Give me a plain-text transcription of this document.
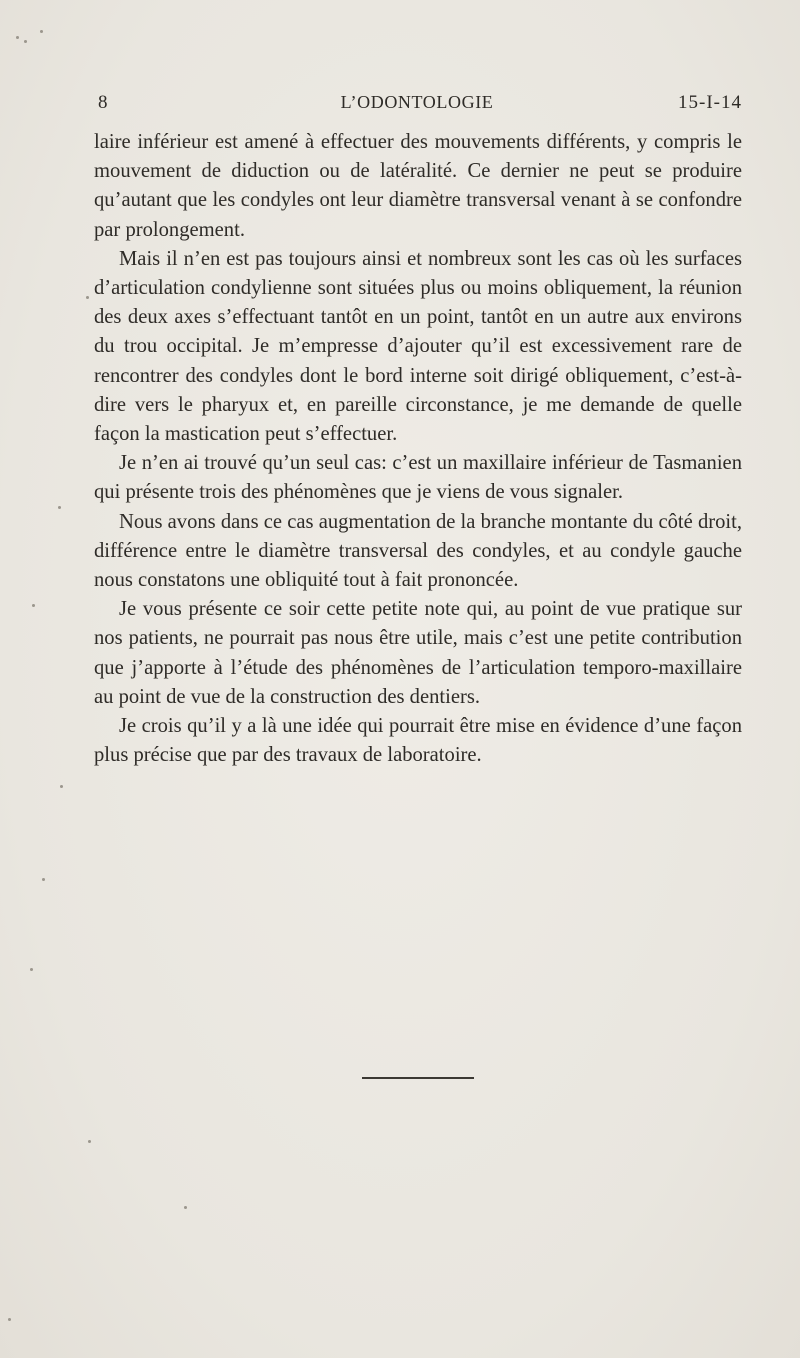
8	L’ODONTOLOGIE	15-I-14

laire inférieur est amené à effectuer des mouvements différents, y compris le mouvement de diduction ou de latéralité. Ce dernier ne peut se produire qu’autant que les condyles ont leur diamètre transversal venant à se confondre par prolongement.

Mais il n’en est pas toujours ainsi et nombreux sont les cas où les surfaces d’articulation condylienne sont situées plus ou moins obliquement, la réunion des deux axes s’effectuant tantôt en un point, tantôt en un autre aux environs du trou occipital. Je m’empresse d’ajouter qu’il est excessivement rare de rencontrer des condyles dont le bord interne soit dirigé obliquement, c’est-à-dire vers le pharyux et, en pareille circonstance, je me demande de quelle façon la mastication peut s’effectuer.

Je n’en ai trouvé qu’un seul cas: c’est un maxillaire inférieur de Tasmanien qui présente trois des phénomènes que je viens de vous signaler.

Nous avons dans ce cas augmentation de la branche montante du côté droit, différence entre le diamètre transversal des condyles, et au condyle gauche nous constatons une obliquité tout à fait prononcée.

Je vous présente ce soir cette petite note qui, au point de vue pratique sur nos patients, ne pourrait pas nous être utile, mais c’est une petite contribution que j’apporte à l’étude des phénomènes de l’articulation temporo-maxillaire au point de vue de la construction des dentiers.

Je crois qu’il y a là une idée qui pourrait être mise en évidence d’une façon plus précise que par des travaux de laboratoire.
